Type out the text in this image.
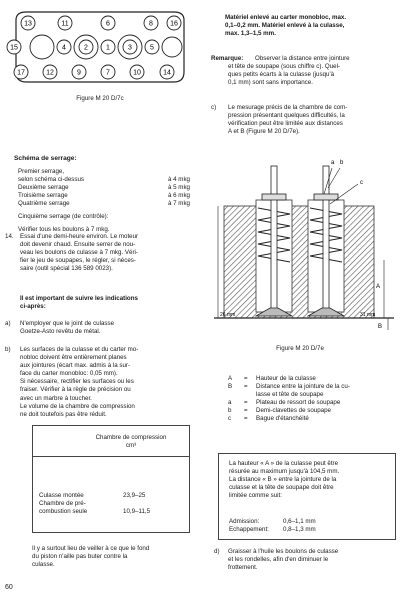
13	11	6	8 16
15	4	2	1	3	5
17	12	9	7	10	14
Figure M 20 D/7c
Schéma de serrage:
Premier serrage,
selon schéma ci-dessus	à 4 mkg
Deuxième serrage	à 5 mkg
Troisième serrage	à 6 mkg
Quatrième serrage	à 7 mkg
Cinquième serrage (de contrôle):
Vérifier tous les boulons à 7 mkg.
14. Essai d'une demi-heure environ. Le moteur
doit devenir chaud. Ensuite serrer de nou-
veau les boulons de culasse à 7 mkg. Véri-
fier le jeu de soupapes, le régler, si néces-
saire (outil spécial 136 589 0023).
Il est important de suivre les indications
ci-après:
a) N'employer que le joint de culasse
Goetze-Asto revêtu de métal.
b) Les surfaces de la culasse et du carter mo-
nobloc doivent être entièrement planes
aux jointures (écart max. admis à la sur-
face du carter monobloc: 0,05 mm).
Si nécessaire, rectifier les surfaces ou les
fraiser. Vérifier à la règle de précision ou
avec un marbre à toucher.
Le volume de la chambre de compression
ne doit toutefois pas être réduit.
Chambre de compression
cm³
Culasse montée	23,9–25
Chambre de pré-
combustion seule	10,9–11,5
Il y a surtout lieu de veiller à ce que le fond
du piston n'aille pas buter contre la
culasse.
60
Matériel enlevé au carter monobloc, max.
0,1–0,2 mm. Matériel enlevé à la culasse,
max. 1,3–1,5 mm.
Remarque: Observer la distance entre jointure
et tête de soupape (sous chiffre c). Quel-
ques petits écarts à la culasse (jusqu'à
0,1 mm) sont sans importance.
c) Le mesurage précis de la chambre de com-
pression présentant quelques difficultés, la
vérification peut être limitée aux distances
A et B (Figure M 20 D/7e).
a b
c
A
B
26 mm	31 mm
Figure M 20 D/7e
A	=	Hauteur de la culasse
B	=	Distance entre la jointure de la cu-
lasse et tête de soupape
a	=	Plateau de ressort de soupape
b	=	Demi-clavettes de soupape
c	=	Bague d'étanchéité
La hauteur « A » de la culasse peut être
résurée au maximum jusqu'à 104,5 mm.
La distance « B » entre la jointure de la
culasse et la tête de soupape doit être
limitée comme suit:
Admission:	0,6–1,1 mm
Echappement:	0,8–1,3 mm
d) Graisser à l'huile les boulons de culasse
et les rondelles, afin d'en diminuer le
frottement.
